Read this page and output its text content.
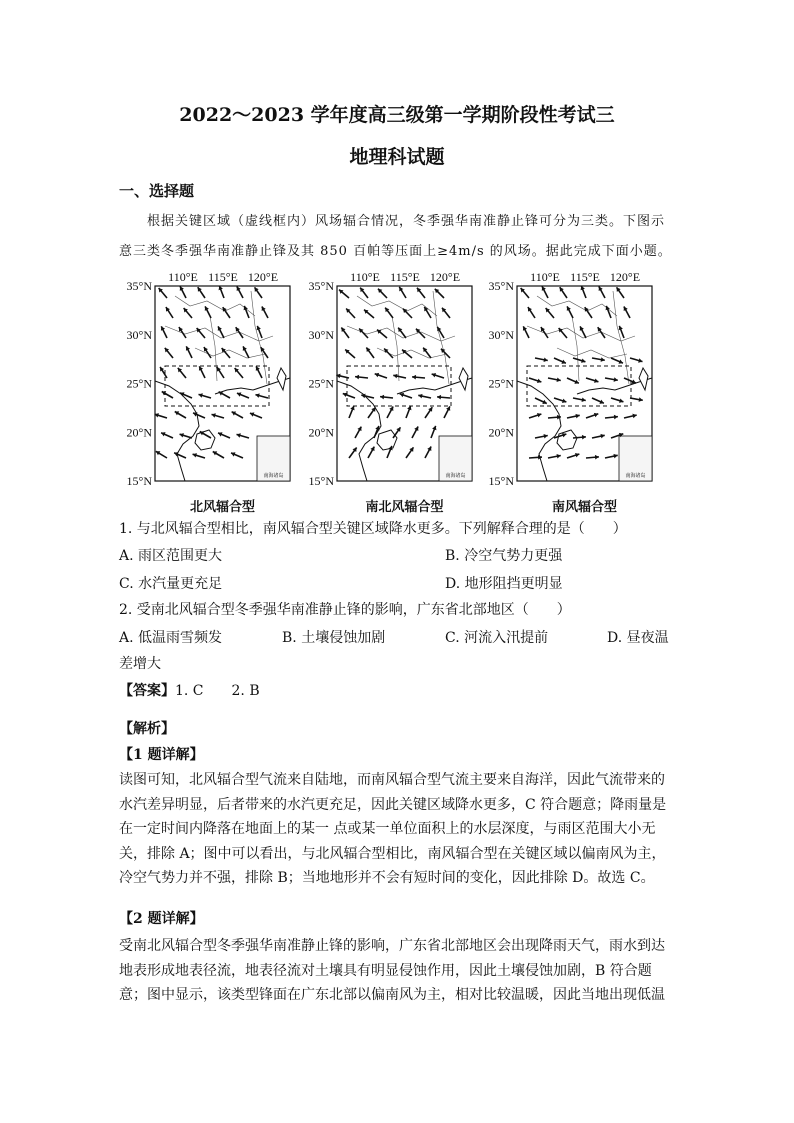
2022～2023 学年度高三级第一学期阶段性考试三
地理科试题
一、选择题
根据关键区域（虚线框内）风场辐合情况，冬季强华南准静止锋可分为三类。下图示
意三类冬季强华南准静止锋及其 850 百帕等压面上≥4m/s 的风场。据此完成下面小题。
南海诸岛
110°E 115°E 120°E
35°N
30°N
25°N
20°N
15°N
北风辐合型
南海诸岛
110°E 115°E 120°E
35°N
30°N
25°N
20°N
15°N
南北风辐合型
南海诸岛
110°E 115°E 120°E
35°N
30°N
25°N
20°N
15°N
南风辐合型
1. 与北风辐合型相比，南风辐合型关键区域降水更多。下列解释合理的是（　　）
A. 雨区范围更大	B. 冷空气势力更强
C. 水汽量更充足	D. 地形阻挡更明显
2. 受南北风辐合型冬季强华南准静止锋的影响，广东省北部地区（　　）
A. 低温雨雪频发	B. 土壤侵蚀加剧	C. 河流入汛提前	D. 昼夜温
差增大
【答案】1. C　　2. B
【解析】
【1 题详解】
读图可知，北风辐合型气流来自陆地，而南风辐合型气流主要来自海洋，因此气流带来的
水汽差异明显，后者带来的水汽更充足，因此关键区域降水更多，C 符合题意；降雨量是
在一定时间内降落在地面上的某一 点或某一单位面积上的水层深度，与雨区范围大小无
关，排除 A；图中可以看出，与北风辐合型相比，南风辐合型在关键区域以偏南风为主，
冷空气势力并不强，排除 B；当地地形并不会有短时间的变化，因此排除 D。故选 C。
【2 题详解】
受南北风辐合型冬季强华南准静止锋的影响，广东省北部地区会出现降雨天气，雨水到达
地表形成地表径流，地表径流对土壤具有明显侵蚀作用，因此土壤侵蚀加剧，B 符合题
意；图中显示，该类型锋面在广东北部以偏南风为主，相对比较温暖，因此当地出现低温
